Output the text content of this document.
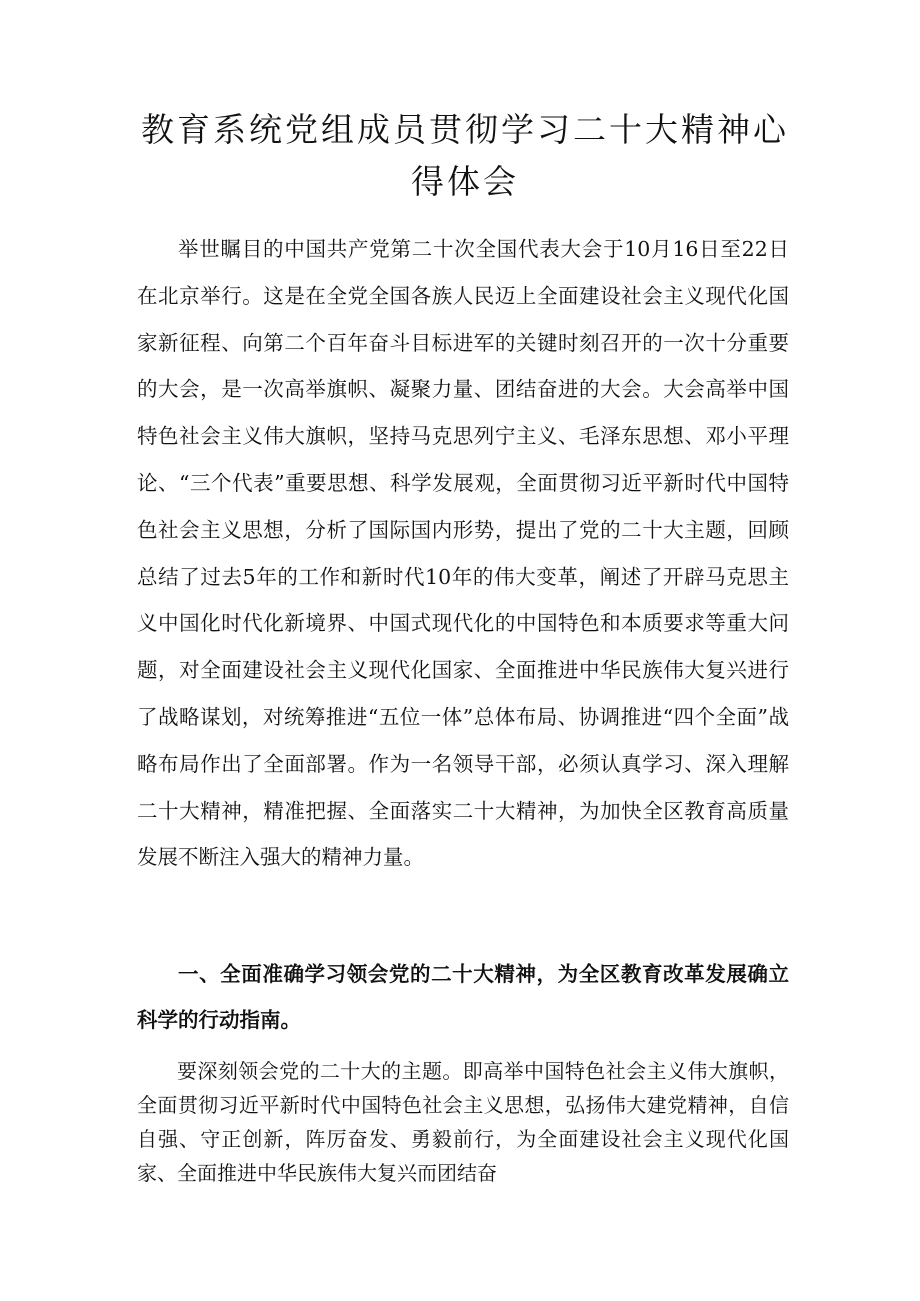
教育系统党组成员贯彻学习二十大精神心得体会

举世瞩目的中国共产党第二十次全国代表大会于10月16日至22日在北京举行。这是在全党全国各族人民迈上全面建设社会主义现代化国家新征程、向第二个百年奋斗目标进军的关键时刻召开的一次十分重要的大会，是一次高举旗帜、凝聚力量、团结奋进的大会。大会高举中国特色社会主义伟大旗帜，坚持马克思列宁主义、毛泽东思想、邓小平理论、“三个代表”重要思想、科学发展观，全面贯彻习近平新时代中国特色社会主义思想，分析了国际国内形势，提出了党的二十大主题，回顾总结了过去5年的工作和新时代10年的伟大变革，阐述了开辟马克思主义中国化时代化新境界、中国式现代化的中国特色和本质要求等重大问题，对全面建设社会主义现代化国家、全面推进中华民族伟大复兴进行了战略谋划，对统筹推进“五位一体”总体布局、协调推进“四个全面”战略布局作出了全面部署。作为一名领导干部，必须认真学习、深入理解二十大精神，精准把握、全面落实二十大精神，为加快全区教育高质量发展不断注入强大的精神力量。

一、全面准确学习领会党的二十大精神，为全区教育改革发展确立科学的行动指南。

要深刻领会党的二十大的主题。即高举中国特色社会主义伟大旗帜，全面贯彻习近平新时代中国特色社会主义思想，弘扬伟大建党精神，自信自强、守正创新，阵厉奋发、勇毅前行，为全面建设社会主义现代化国家、全面推进中华民族伟大复兴而团结奋
